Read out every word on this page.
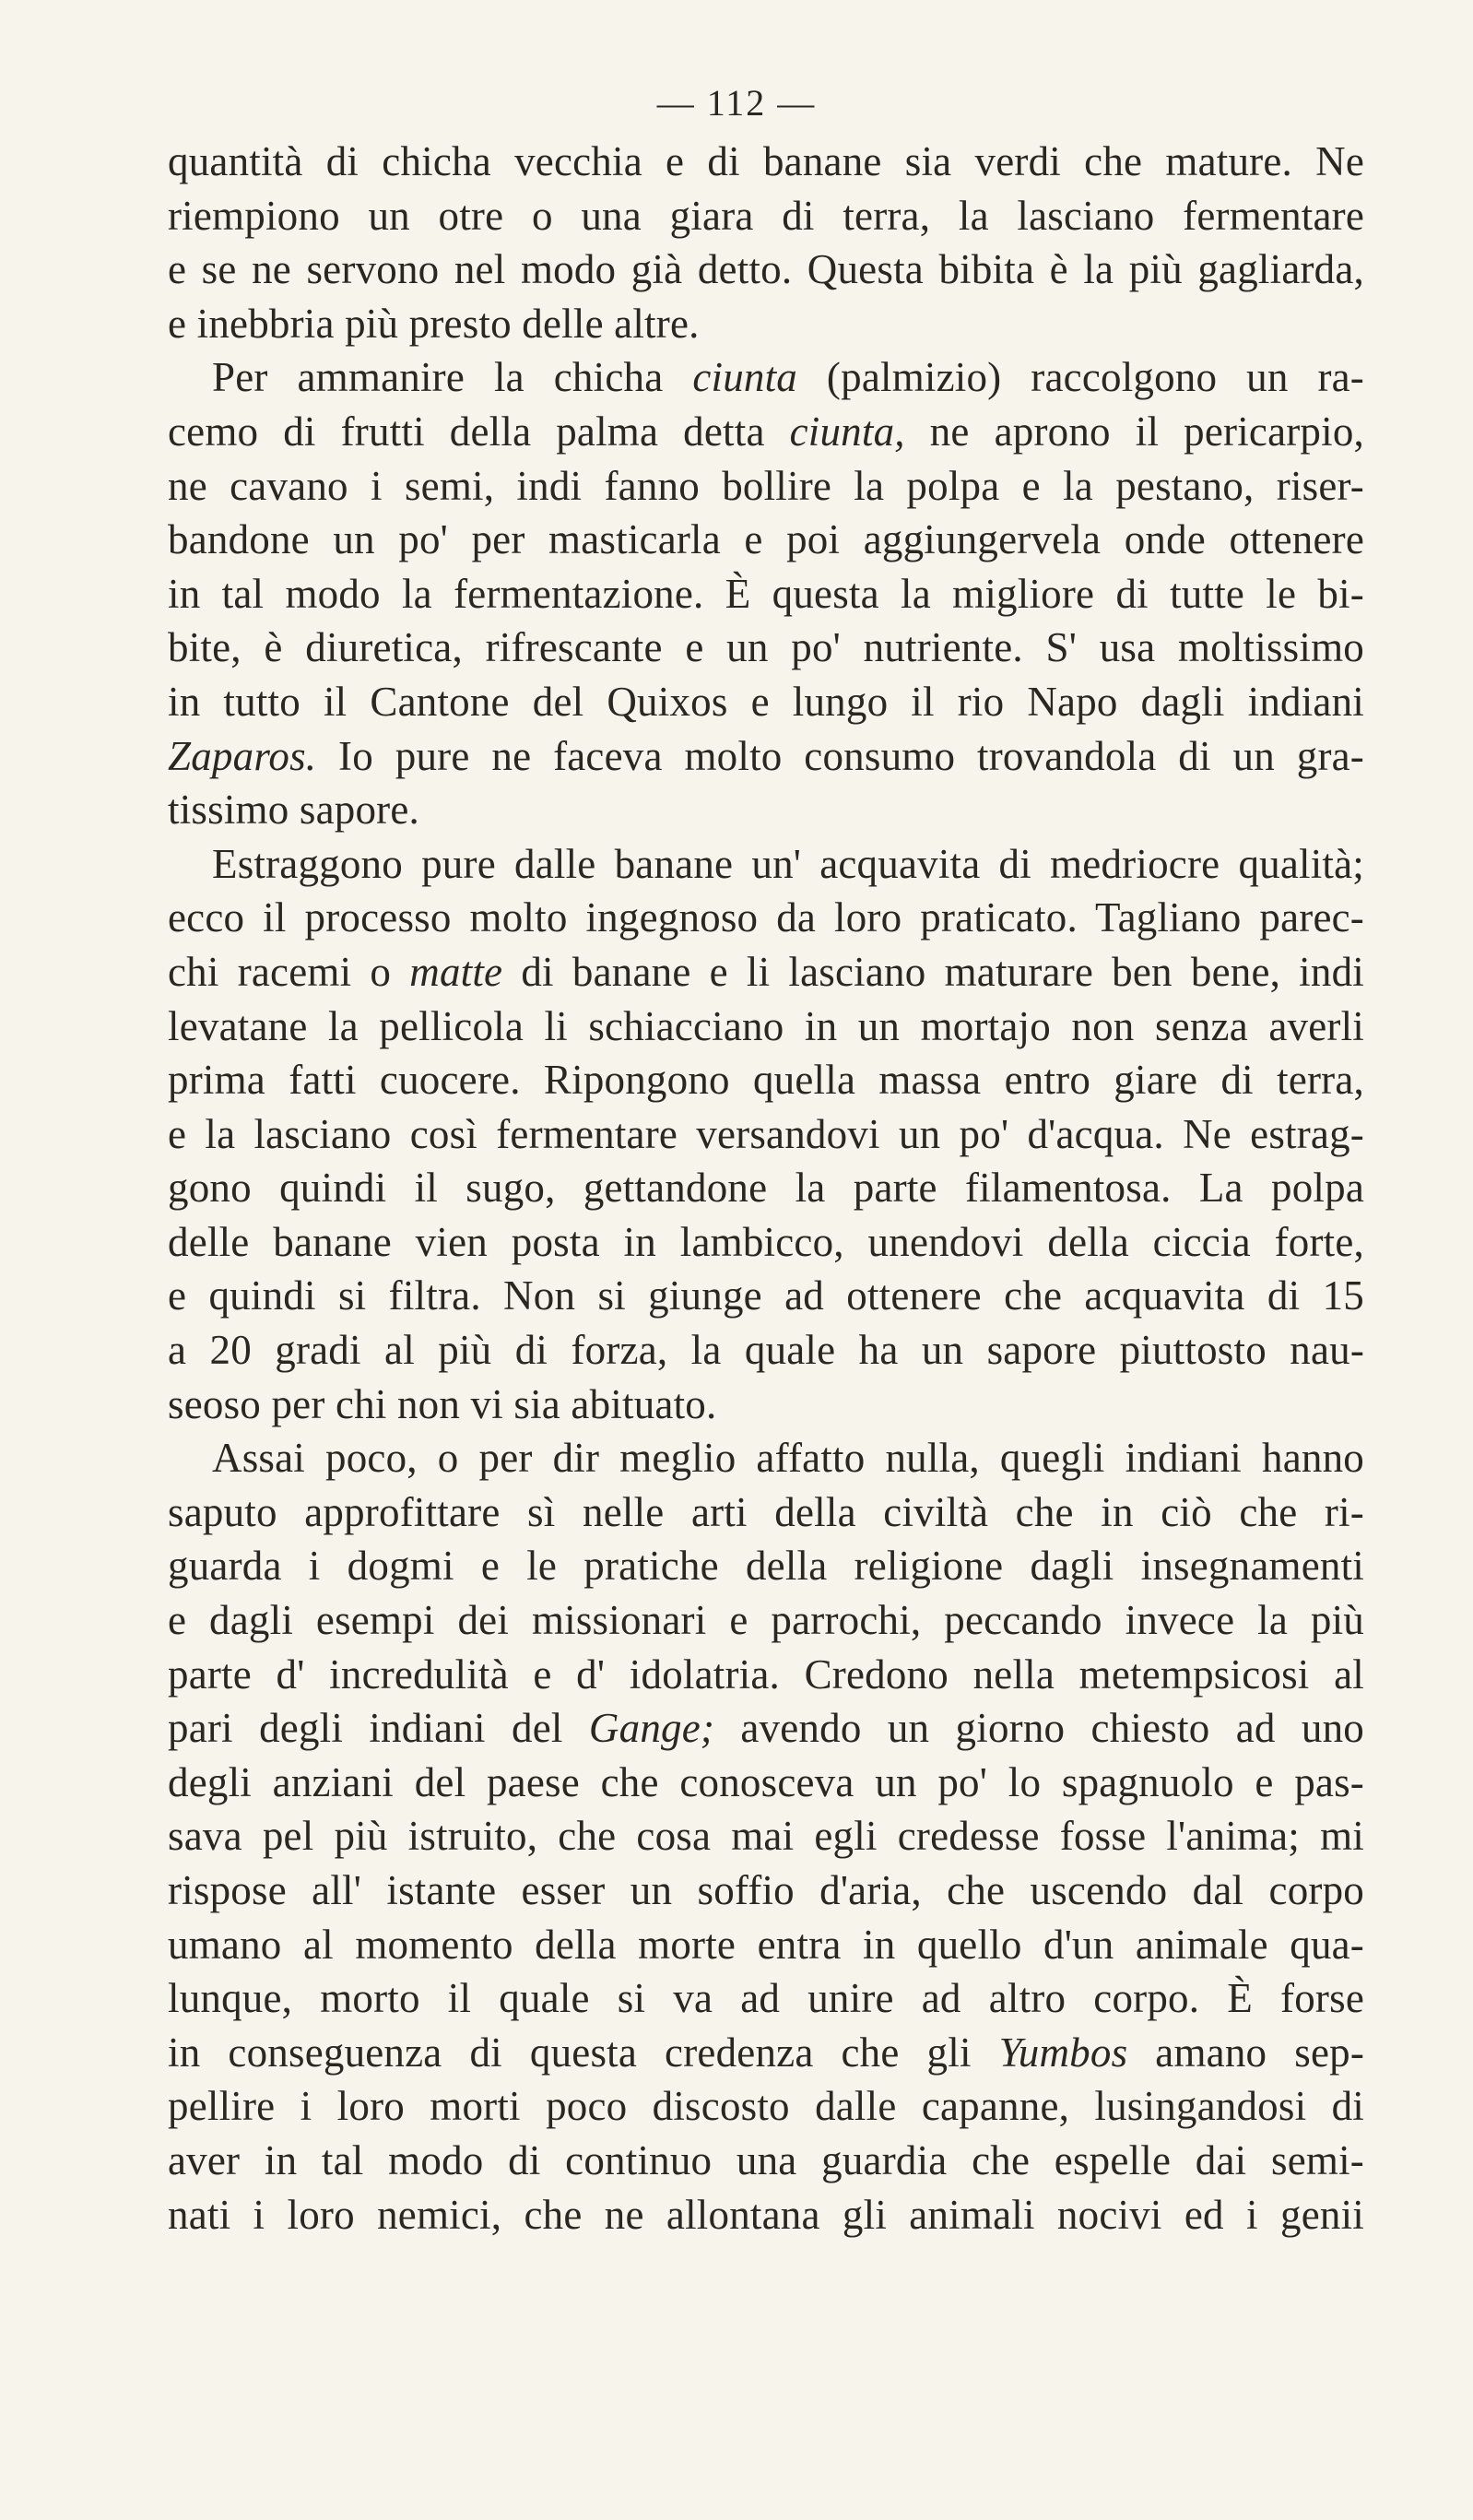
— 112 —
quantità di chicha vecchia e di banane sia verdi che mature. Ne
riempiono un otre o una giara di terra, la lasciano fermentare
e se ne servono nel modo già detto. Questa bibita è la più gagliarda,
e inebbria più presto delle altre.
Per ammanire la chicha ciunta (palmizio) raccolgono un ra-
cemo di frutti della palma detta ciunta, ne aprono il pericarpio,
ne cavano i semi, indi fanno bollire la polpa e la pestano, riser-
bandone un po' per masticarla e poi aggiungervela onde ottenere
in tal modo la fermentazione. È questa la migliore di tutte le bi-
bite, è diuretica, rifrescante e un po' nutriente. S' usa moltissimo
in tutto il Cantone del Quixos e lungo il rio Napo dagli indiani
Zaparos. Io pure ne faceva molto consumo trovandola di un gra-
tissimo sapore.
Estraggono pure dalle banane un' acquavita di medriocre qualità;
ecco il processo molto ingegnoso da loro praticato. Tagliano parec-
chi racemi o matte di banane e li lasciano maturare ben bene, indi
levatane la pellicola li schiacciano in un mortajo non senza averli
prima fatti cuocere. Ripongono quella massa entro giare di terra,
e la lasciano così fermentare versandovi un po' d'acqua. Ne estrag-
gono quindi il sugo, gettandone la parte filamentosa. La polpa
delle banane vien posta in lambicco, unendovi della ciccia forte,
e quindi si filtra. Non si giunge ad ottenere che acquavita di 15
a 20 gradi al più di forza, la quale ha un sapore piuttosto nau-
seoso per chi non vi sia abituato.
Assai poco, o per dir meglio affatto nulla, quegli indiani hanno
saputo approfittare sì nelle arti della civiltà che in ciò che ri-
guarda i dogmi e le pratiche della religione dagli insegnamenti
e dagli esempi dei missionari e parrochi, peccando invece la più
parte d' incredulità e d' idolatria. Credono nella metempsicosi al
pari degli indiani del Gange; avendo un giorno chiesto ad uno
degli anziani del paese che conosceva un po' lo spagnuolo e pas-
sava pel più istruito, che cosa mai egli credesse fosse l'anima; mi
rispose all' istante esser un soffio d'aria, che uscendo dal corpo
umano al momento della morte entra in quello d'un animale qua-
lunque, morto il quale si va ad unire ad altro corpo. È forse
in conseguenza di questa credenza che gli Yumbos amano sep-
pellire i loro morti poco discosto dalle capanne, lusingandosi di
aver in tal modo di continuo una guardia che espelle dai semi-
nati i loro nemici, che ne allontana gli animali nocivi ed i genii
